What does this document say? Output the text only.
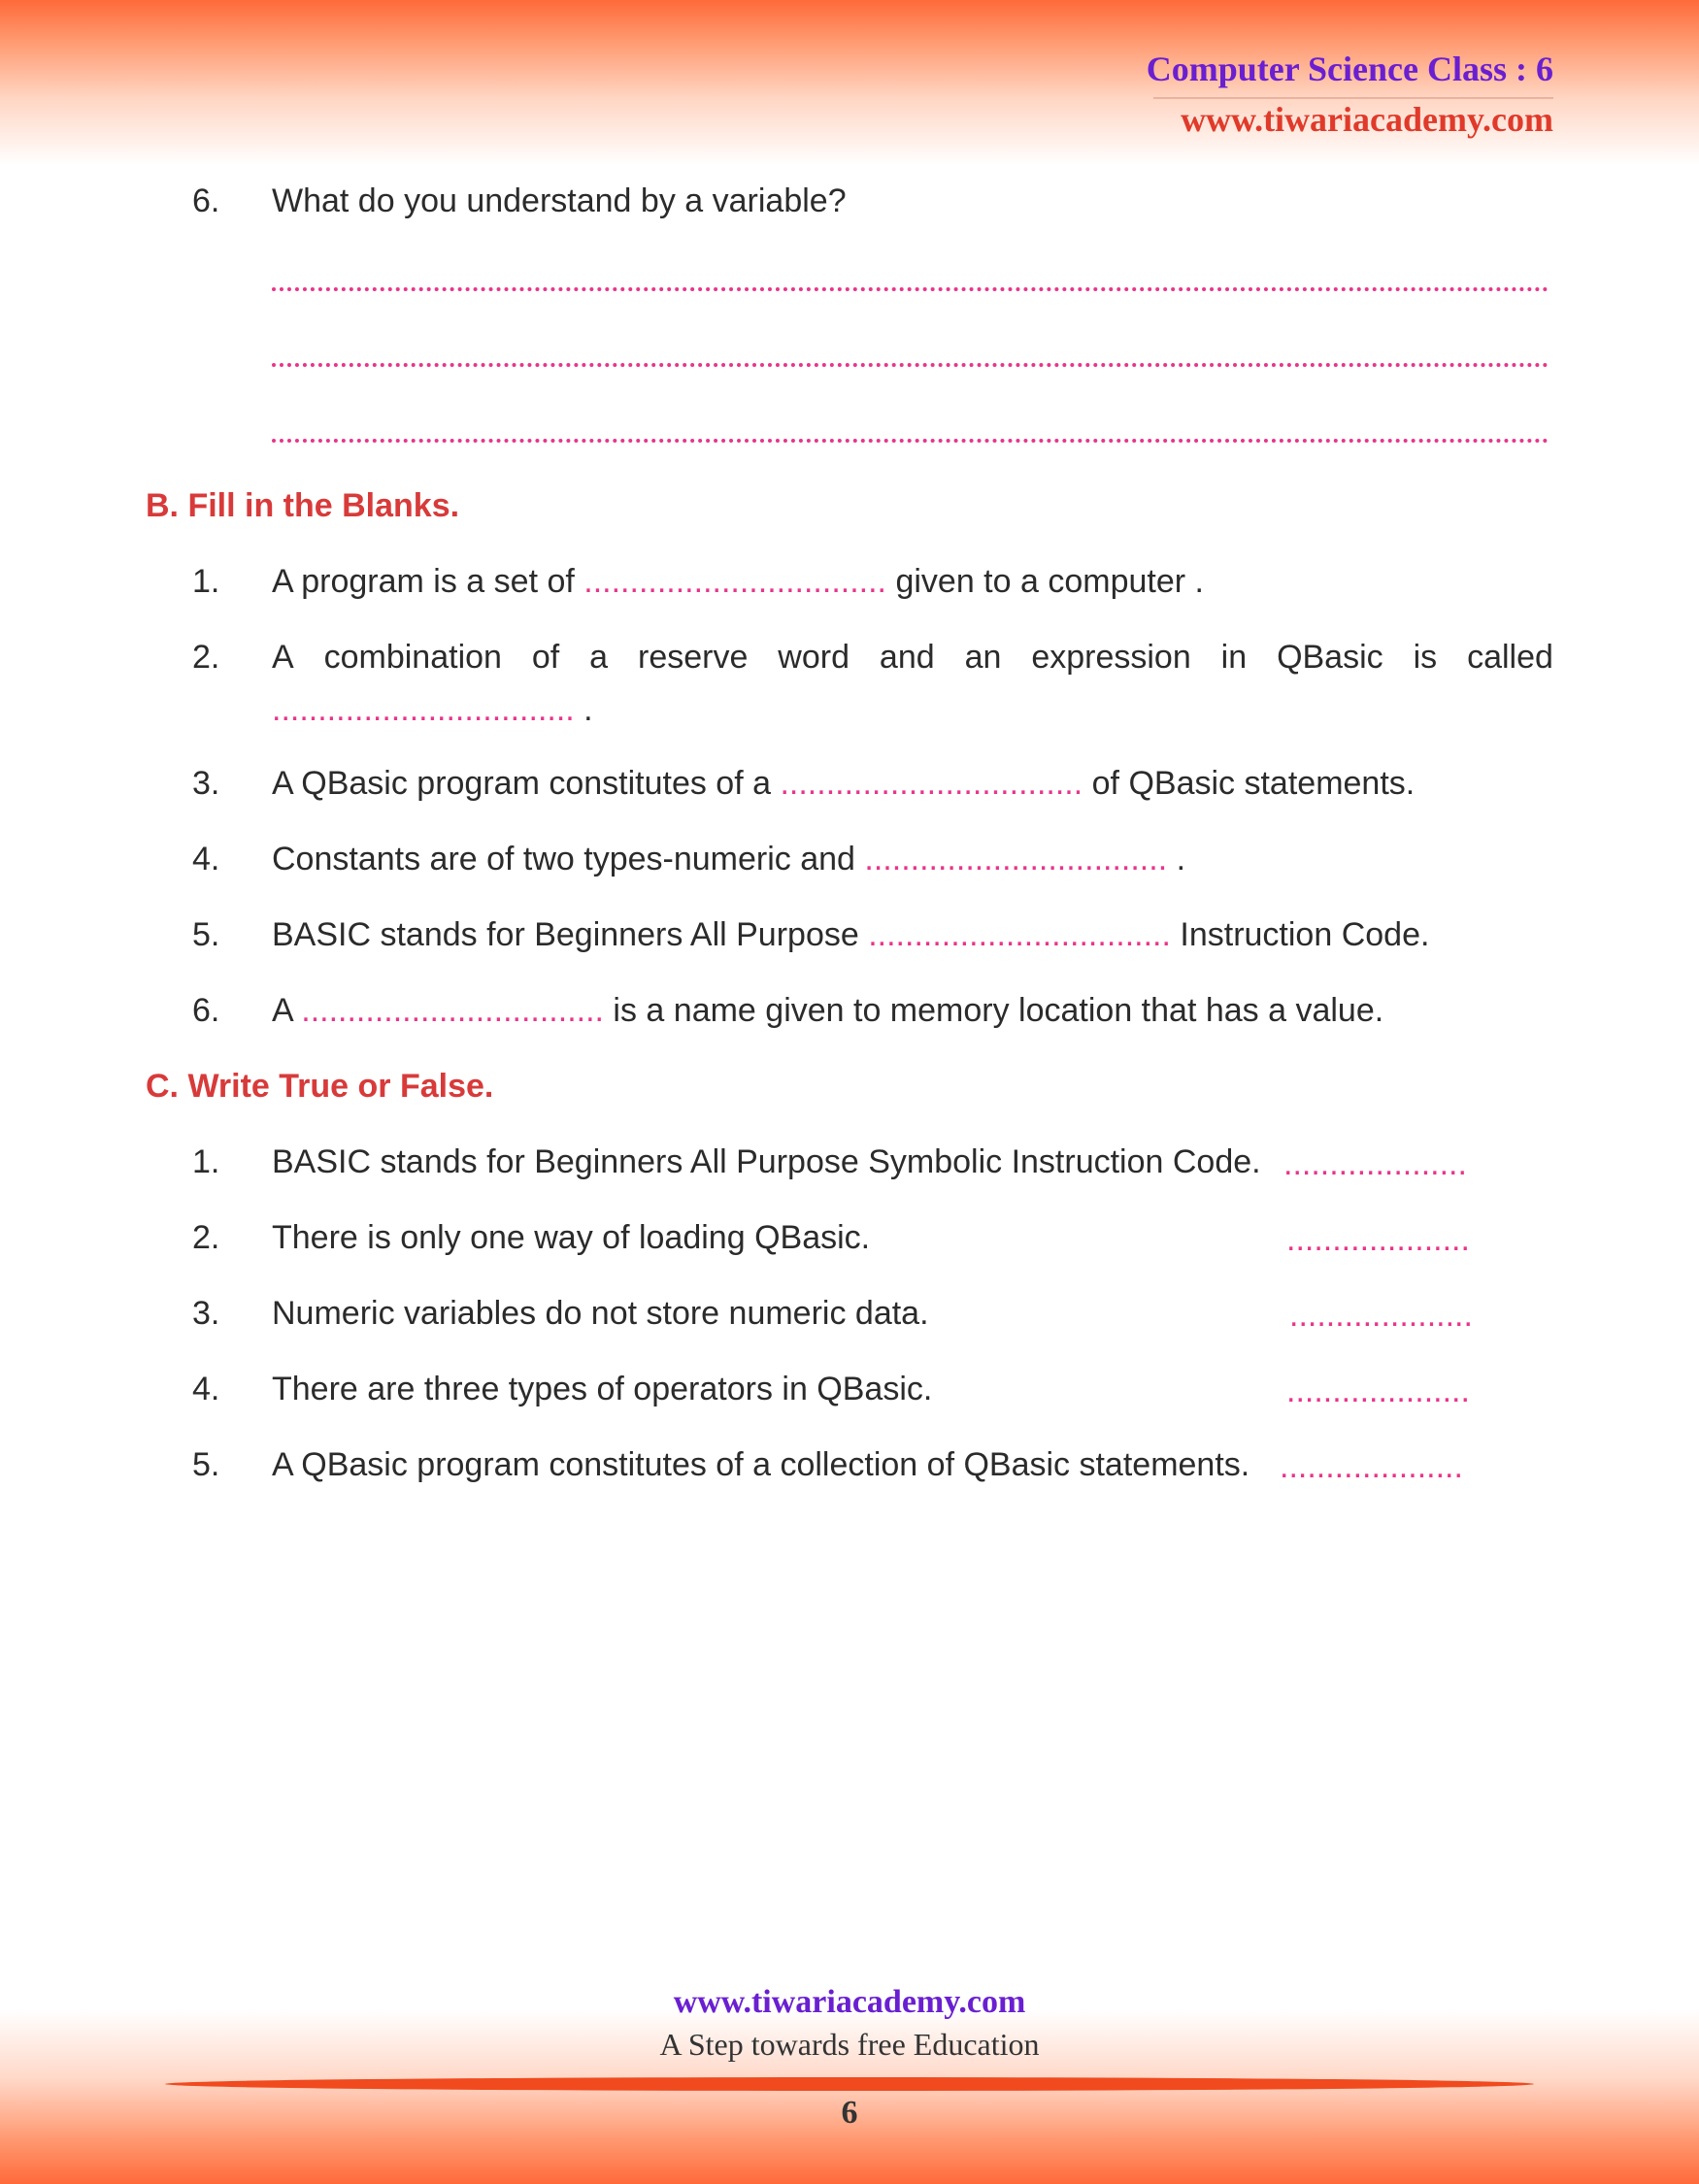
Computer Science Class : 6
www.tiwariacademy.com
6.	What do you understand by a variable?
B. Fill in the Blanks.
1.	A program is a set of ................................. given to a computer .
2.	A combination of a reserve word and an expression in QBasic is called
................................. .
3.	A QBasic program constitutes of a ................................. of QBasic statements.
4.	Constants are of two types-numeric and ................................. .
5.	BASIC stands for Beginners All Purpose ................................. Instruction Code.
6.	A ................................. is a name given to memory location that has a value.
C. Write True or False.
1.	BASIC stands for Beginners All Purpose Symbolic Instruction Code. ....................
2.	There is only one way of loading QBasic.	....................
3.	Numeric variables do not store numeric data.	....................
4.	There are three types of operators in QBasic.	....................
5.	A QBasic program constitutes of a collection of QBasic statements. ....................
www.tiwariacademy.com
A Step towards free Education
6
